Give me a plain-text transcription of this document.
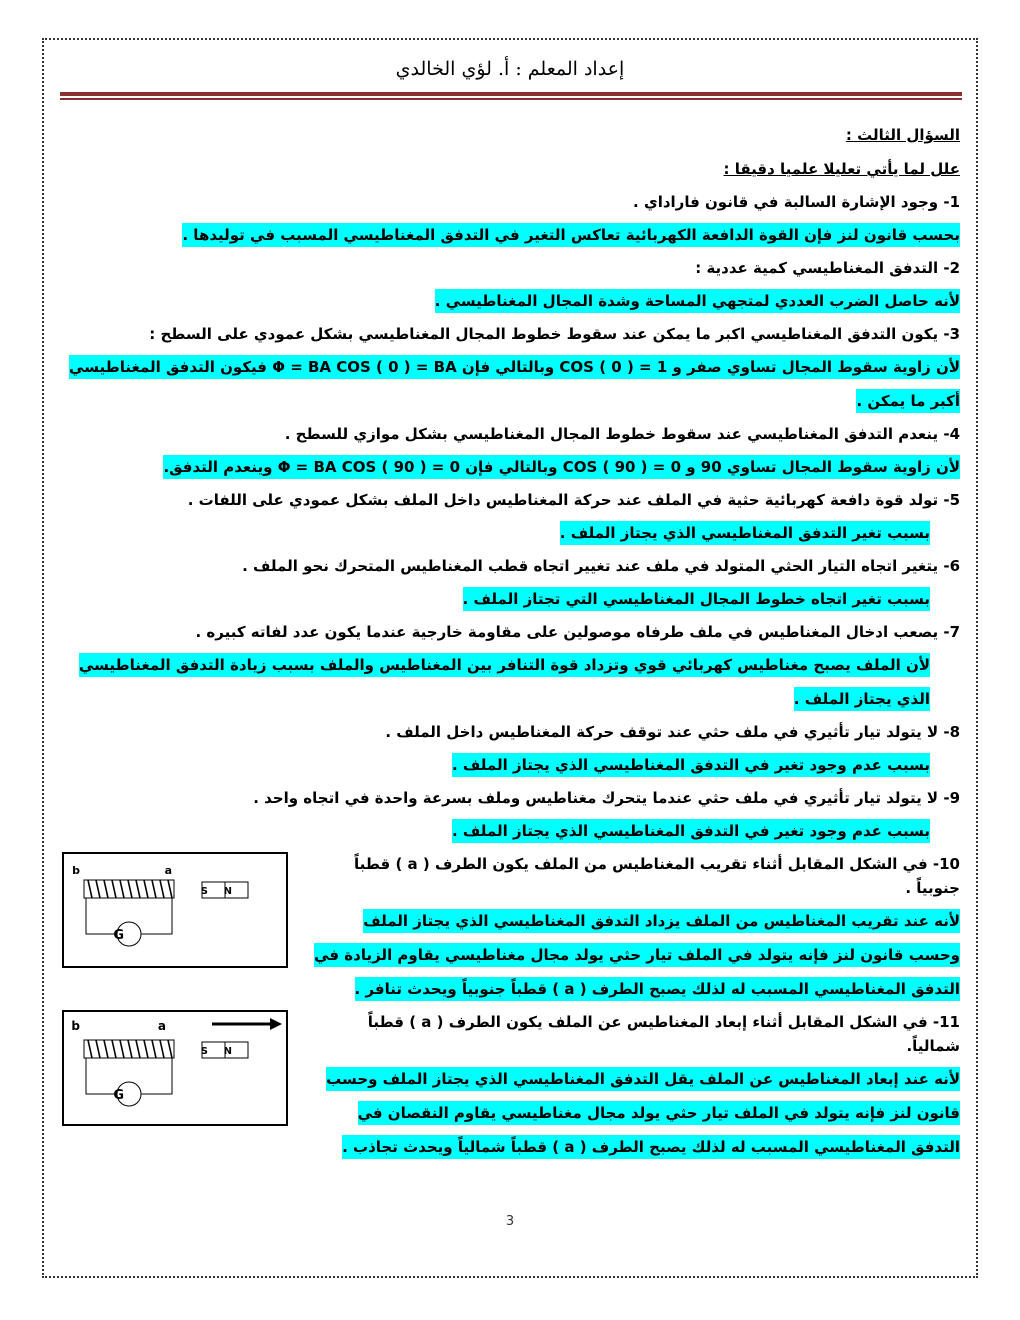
إعداد المعلم : أ. لؤي الخالدي
السؤال الثالث :
علل لما يأتي تعليلا علميا دقيقا :
1- وجود الإشارة السالبة في قانون فاراداي .
بحسب قانون لنز فإن القوة الدافعة الكهربائية تعاكس التغير في التدفق المغناطيسي المسبب في توليدها .
2- التدفق المغناطيسي كمية عددية :
لأنه حاصل الضرب العددي لمتجهي المساحة وشدة المجال المغناطيسي .
3- يكون التدفق المغناطيسي اكبر ما يمكن عند سقوط خطوط المجال المغناطيسي بشكل عمودي على السطح :
لأن زاوية سقوط المجال تساوي صفر و 1 = COS ( 0 ) وبالتالي فإن Φ = BA COS ( 0 ) = BA فيكون التدفق المغناطيسي أكبر ما يمكن .
4- ينعدم التدفق المغناطيسي عند سقوط خطوط المجال المغناطيسي بشكل موازي للسطح .
لأن زاوية سقوط المجال تساوي 90 و 0 = COS ( 90 ) وبالتالي فإن 0 = Φ = BA COS ( 90 ) وينعدم التدفق.
5- تولد قوة دافعة كهربائية حثية في الملف عند حركة المغناطيس داخل الملف بشكل عمودي على اللفات .
بسبب تغير التدفق المغناطيسي الذي يجتاز الملف .
6- يتغير اتجاه التيار الحثي المتولد في ملف عند تغيير اتجاه قطب المغناطيس المتحرك نحو الملف .
بسبب تغير اتجاه خطوط المجال المغناطيسي التي تجتاز الملف .
7- يصعب ادخال المغناطيس في ملف طرفاه موصولين على مقاومة خارجية عندما يكون عدد لفاته كبيره .
لأن الملف يصبح مغناطيس كهربائي قوي وتزداد قوة التنافر بين المغناطيس والملف بسبب زيادة التدفق المغناطيسي الذي يجتاز الملف .
8- لا يتولد تيار تأثيري في ملف حثي عند توقف حركة المغناطيس داخل الملف .
بسبب عدم وجود تغير في التدفق المغناطيسي الذي يجتاز الملف .
9- لا يتولد تيار تأثيري في ملف حثي عندما يتحرك مغناطيس وملف بسرعة واحدة في اتجاه واحد .
بسبب عدم وجود تغير في التدفق المغناطيسي الذي يجتاز الملف .
b	a
S N
G
10- في الشكل المقابل أثناء تقريب المغناطيس من الملف يكون الطرف ( a ) قطباً جنوبياً .
لأنه عند تقريب المغناطيس من الملف يزداد التدفق المغناطيسي الذي يجتاز الملف وحسب قانون لنز فإنه يتولد في الملف تيار حثي يولد مجال مغناطيسي يقاوم الزيادة في التدفق المغناطيسي المسبب له لذلك يصبح الطرف ( a ) قطباً جنوبياً ويحدث تنافر .
b	a
S N
G
11- في الشكل المقابل أثناء إبعاد المغناطيس عن الملف يكون الطرف ( a ) قطباً شمالياً.
لأنه عند إبعاد المغناطيس عن الملف يقل التدفق المغناطيسي الذي يجتاز الملف وحسب قانون لنز فإنه يتولد في الملف تيار حثي يولد مجال مغناطيسي يقاوم النقصان في التدفق المغناطيسي المسبب له لذلك يصبح الطرف ( a ) قطباً شمالياً ويحدث تجاذب .
3
